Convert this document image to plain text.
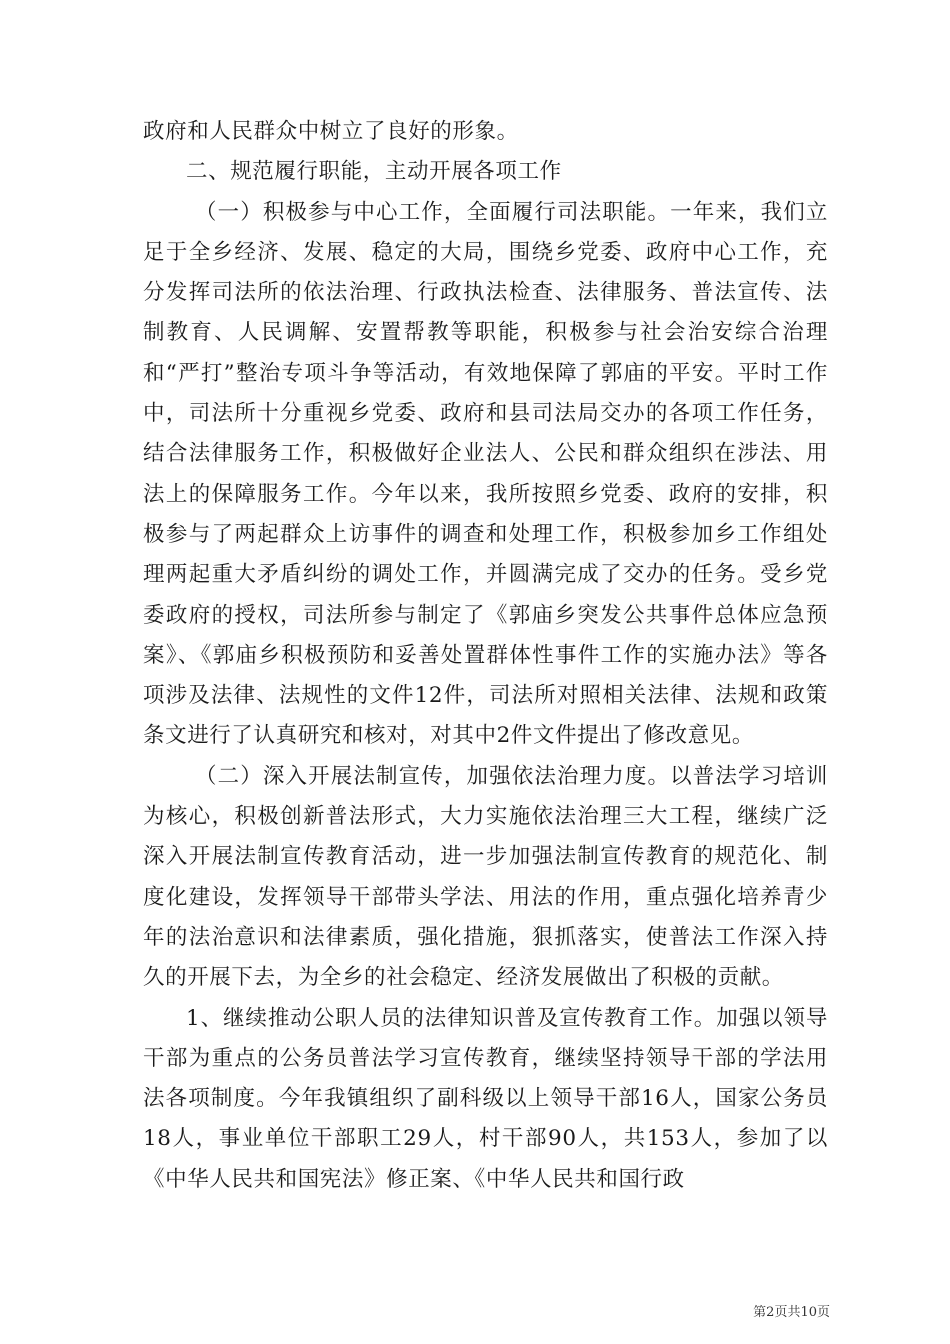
政府和人民群众中树立了良好的形象。

二、规范履行职能，主动开展各项工作

（一）积极参与中心工作，全面履行司法职能。一年来，我们立足于全乡经济、发展、稳定的大局，围绕乡党委、政府中心工作，充分发挥司法所的依法治理、行政执法检查、法律服务、普法宣传、法制教育、人民调解、安置帮教等职能，积极参与社会治安综合治理和“严打”整治专项斗争等活动，有效地保障了郭庙的平安。平时工作中，司法所十分重视乡党委、政府和县司法局交办的各项工作任务，结合法律服务工作，积极做好企业法人、公民和群众组织在涉法、用法上的保障服务工作。今年以来，我所按照乡党委、政府的安排，积极参与了两起群众上访事件的调查和处理工作，积极参加乡工作组处理两起重大矛盾纠纷的调处工作，并圆满完成了交办的任务。受乡党委政府的授权，司法所参与制定了《郭庙乡突发公共事件总体应急预案》、《郭庙乡积极预防和妥善处置群体性事件工作的实施办法》等各项涉及法律、法规性的文件12件，司法所对照相关法律、法规和政策条文进行了认真研究和核对，对其中2件文件提出了修改意见。

（二）深入开展法制宣传，加强依法治理力度。以普法学习培训为核心，积极创新普法形式，大力实施依法治理三大工程，继续广泛深入开展法制宣传教育活动，进一步加强法制宣传教育的规范化、制度化建设，发挥领导干部带头学法、用法的作用，重点强化培养青少年的法治意识和法律素质，强化措施，狠抓落实，使普法工作深入持久的开展下去，为全乡的社会稳定、经济发展做出了积极的贡献。

1、继续推动公职人员的法律知识普及宣传教育工作。加强以领导干部为重点的公务员普法学习宣传教育，继续坚持领导干部的学法用法各项制度。今年我镇组织了副科级以上领导干部16人，国家公务员18人，事业单位干部职工29人，村干部90人，共153人，参加了以《中华人民共和国宪法》修正案、《中华人民共和国行政

第2页共10页
